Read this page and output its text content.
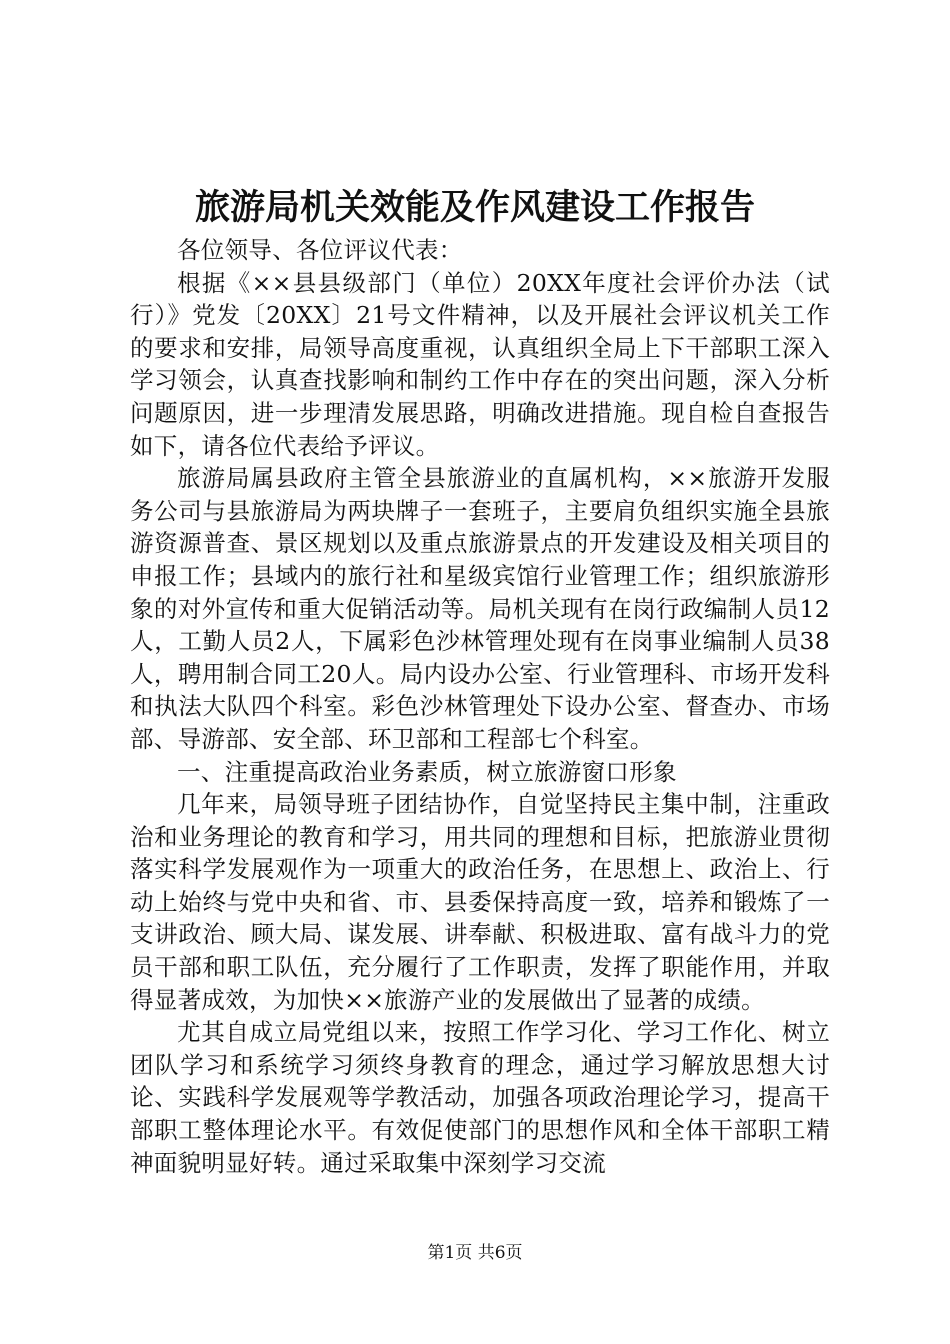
旅游局机关效能及作风建设工作报告

各位领导、各位评议代表：

根据《××县县级部门（单位）20XX年度社会评价办法（试行）》党发〔20XX〕21号文件精神，以及开展社会评议机关工作的要求和安排，局领导高度重视，认真组织全局上下干部职工深入学习领会，认真查找影响和制约工作中存在的突出问题，深入分析问题原因，进一步理清发展思路，明确改进措施。现自检自查报告如下，请各位代表给予评议。

旅游局属县政府主管全县旅游业的直属机构，××旅游开发服务公司与县旅游局为两块牌子一套班子，主要肩负组织实施全县旅游资源普查、景区规划以及重点旅游景点的开发建设及相关项目的申报工作；县域内的旅行社和星级宾馆行业管理工作；组织旅游形象的对外宣传和重大促销活动等。局机关现有在岗行政编制人员12人，工勤人员2人，下属彩色沙林管理处现有在岗事业编制人员38人，聘用制合同工20人。局内设办公室、行业管理科、市场开发科和执法大队四个科室。彩色沙林管理处下设办公室、督查办、市场部、导游部、安全部、环卫部和工程部七个科室。

一、注重提高政治业务素质，树立旅游窗口形象

几年来，局领导班子团结协作，自觉坚持民主集中制，注重政治和业务理论的教育和学习，用共同的理想和目标，把旅游业贯彻落实科学发展观作为一项重大的政治任务，在思想上、政治上、行动上始终与党中央和省、市、县委保持高度一致，培养和锻炼了一支讲政治、顾大局、谋发展、讲奉献、积极进取、富有战斗力的党员干部和职工队伍，充分履行了工作职责，发挥了职能作用，并取得显著成效，为加快××旅游产业的发展做出了显著的成绩。

尤其自成立局党组以来，按照工作学习化、学习工作化、树立团队学习和系统学习须终身教育的理念，通过学习解放思想大讨论、实践科学发展观等学教活动，加强各项政治理论学习，提高干部职工整体理论水平。有效促使部门的思想作风和全体干部职工精神面貌明显好转。通过采取集中深刻学习交流

第1页 共6页
